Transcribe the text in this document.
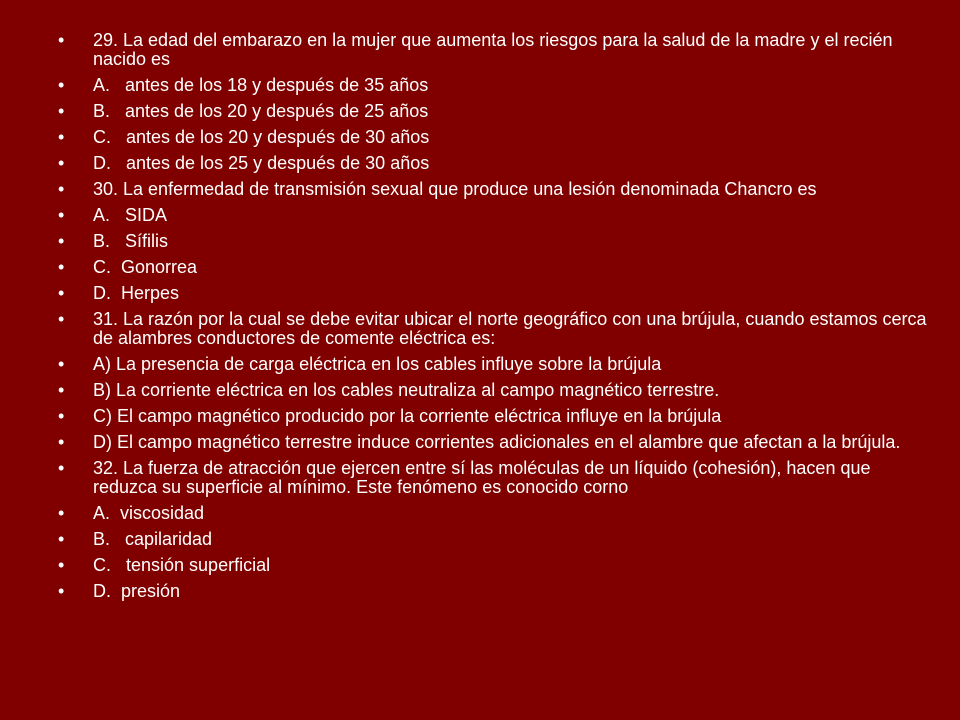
• 29. La edad del embarazo en la mujer que aumenta los riesgos para la salud de la madre y el recién nacido es
• A.   antes de los 18 y después de 35 años
• B.   antes de los 20 y después de 25 años
• C.   antes de los 20 y después de 30 años
• D.   antes de los 25 y después de 30 años
• 30. La enfermedad de transmisión sexual que produce una lesión denominada Chancro es
• A.   SIDA
• B.   Sífilis
• C.  Gonorrea
• D.  Herpes
• 31. La razón por la cual se debe evitar ubicar el norte geográfico con una brújula, cuando estamos cerca de alambres conductores de comente eléctrica es:
• A) La presencia de carga eléctrica en los cables influye sobre la brújula
• B) La corriente eléctrica en los cables neutraliza al campo magnético terrestre.
• C) El campo magnético producido por la corriente eléctrica influye en la brújula
• D) El campo magnético terrestre induce corrientes adicionales en el alambre que afectan a la brújula.
• 32. La fuerza de atracción que ejercen entre sí las moléculas de un líquido (cohesión), hacen que reduzca su superficie al mínimo. Este fenómeno es conocido corno
• A.  viscosidad
• B.   capilaridad
• C.   tensión superficial
• D.  presión
